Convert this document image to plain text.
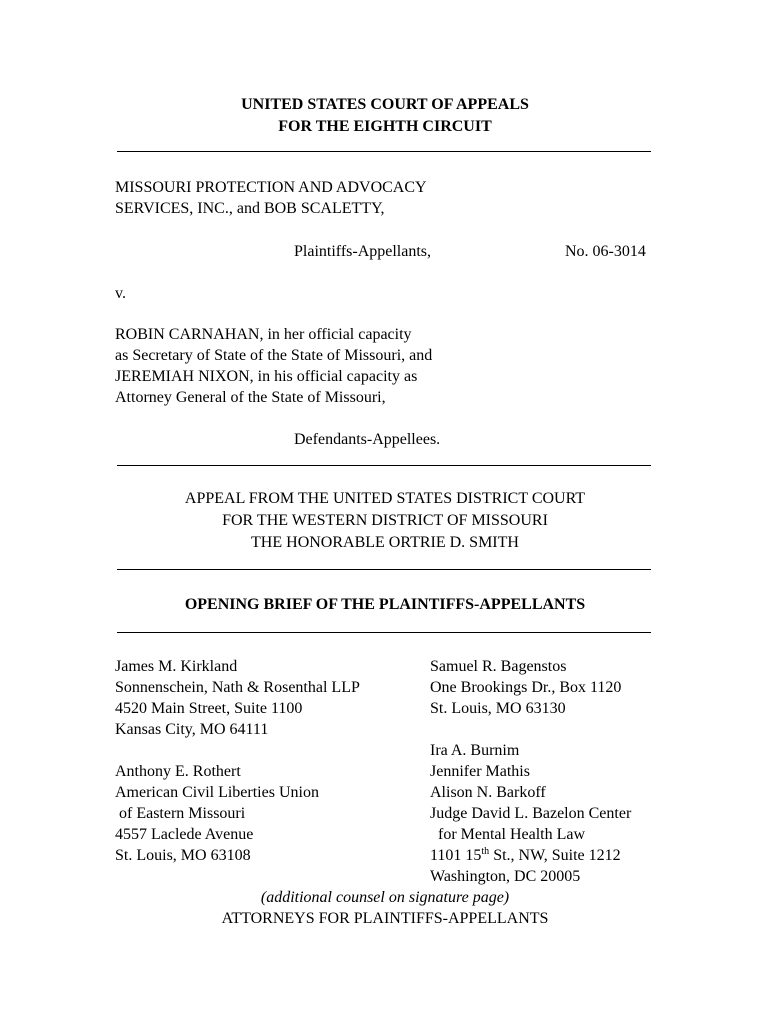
UNITED STATES COURT OF APPEALS
FOR THE EIGHTH CIRCUIT
MISSOURI PROTECTION AND ADVOCACY
SERVICES, INC., and BOB SCALETTY,
Plaintiffs-Appellants,	No. 06-3014
v.
ROBIN CARNAHAN, in her official capacity
as Secretary of State of the State of Missouri, and
JEREMIAH NIXON, in his official capacity as
Attorney General of the State of Missouri,
Defendants-Appellees.
APPEAL FROM THE UNITED STATES DISTRICT COURT
FOR THE WESTERN DISTRICT OF MISSOURI
THE HONORABLE ORTRIE D. SMITH
OPENING BRIEF OF THE PLAINTIFFS-APPELLANTS
James M. Kirkland
Sonnenschein, Nath & Rosenthal LLP
4520 Main Street, Suite 1100
Kansas City, MO 64111
Anthony E. Rothert
American Civil Liberties Union
of Eastern Missouri
4557 Laclede Avenue
St. Louis, MO 63108
Samuel R. Bagenstos
One Brookings Dr., Box 1120
St. Louis, MO 63130
Ira A. Burnim
Jennifer Mathis
Alison N. Barkoff
Judge David L. Bazelon Center
for Mental Health Law
1101 15th St., NW, Suite 1212
Washington, DC 20005
(additional counsel on signature page)
ATTORNEYS FOR PLAINTIFFS-APPELLANTS
